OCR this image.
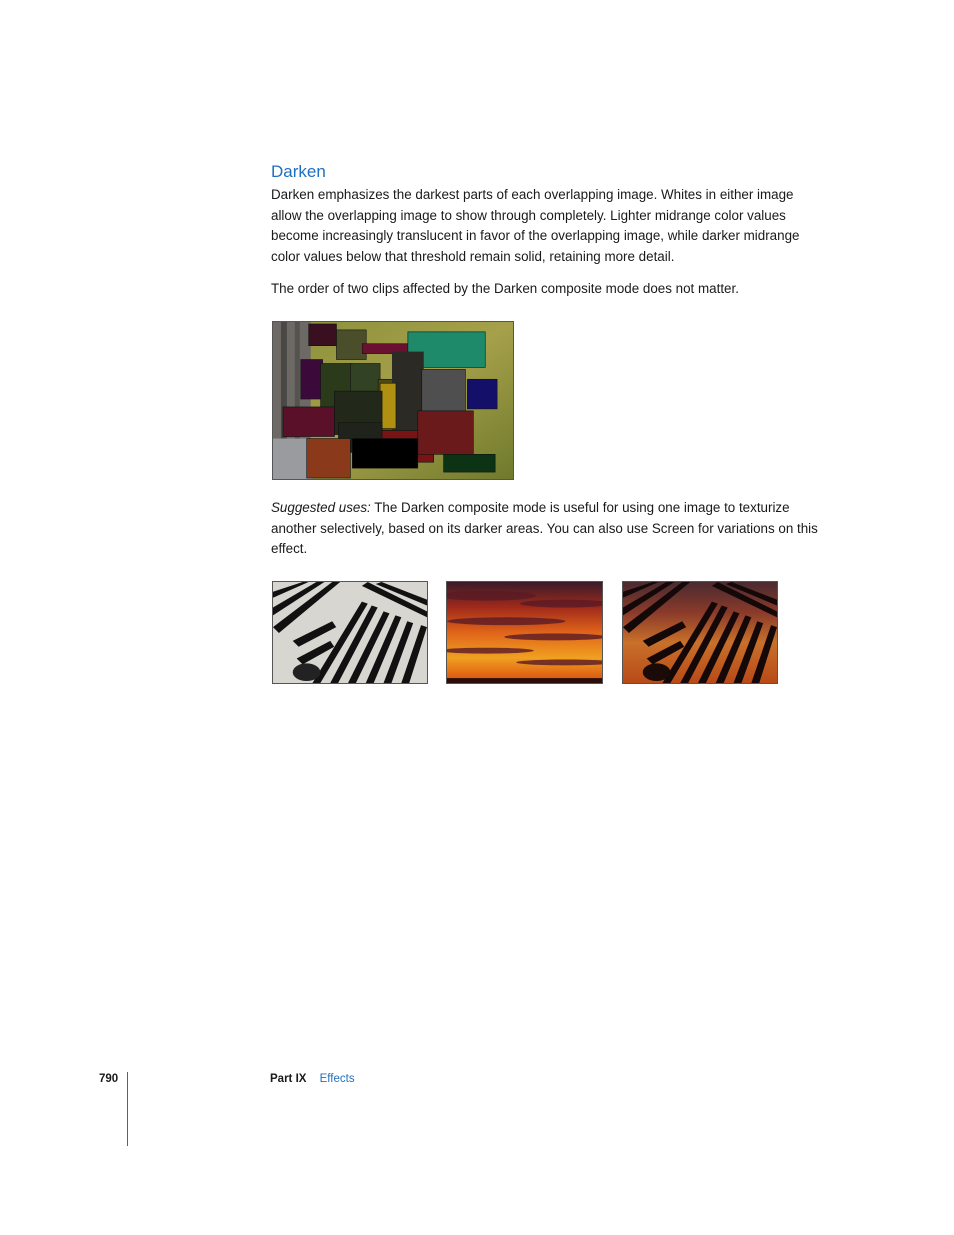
Darken

Darken emphasizes the darkest parts of each overlapping image. Whites in either image allow the overlapping image to show through completely. Lighter midrange color values become increasingly translucent in favor of the overlapping image, while darker midrange color values below that threshold remain solid, retaining more detail.

The order of two clips affected by the Darken composite mode does not matter.

Suggested uses: The Darken composite mode is useful for using one image to texturize another selectively, based on its darker areas. You can also use Screen for variations on this effect.

790	Part IX Effects
